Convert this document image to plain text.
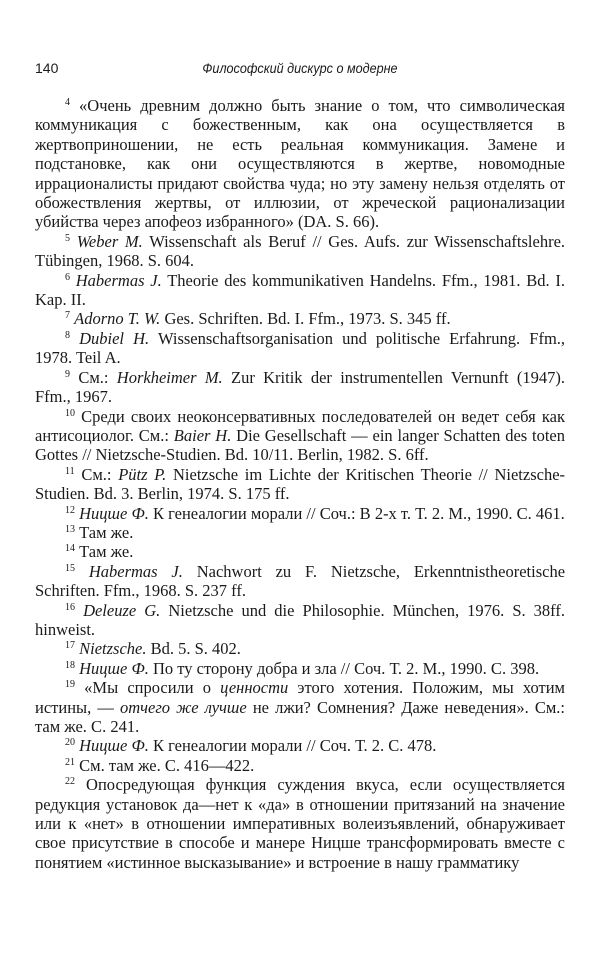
140	Философский дискурс о модерне

$^4$ «Очень древним должно быть знание о том, что символическая коммуникация с божественным, как она осуществляется в жертвоприношении, не есть реальная коммуникация. Замене и подстановке, как они осуществляются в жертве, новомодные иррационалисты придают свойства чуда; но эту замену нельзя отделять от обожествления жертвы, от иллюзии, от жреческой рационализации убийства через апофеоз избранного» (DA. S. 66).

$^5$ Weber M. Wissenschaft als Beruf // Ges. Aufs. zur Wissenschaftslehre. Tübingen, 1968. S. 604.

$^6$ Habermas J. Theorie des kommunikativen Handelns. Ffm., 1981. Bd. I. Kap. II.

$^7$ Adorno T. W. Ges. Schriften. Bd. I. Ffm., 1973. S. 345 ff.

$^8$ Dubiel H. Wissenschaftsorganisation und politische Erfahrung. Ffm., 1978. Teil A.

$^9$ См.: Horkheimer M. Zur Kritik der instrumentellen Vernunft (1947). Ffm., 1967.

$^{10}$ Среди своих неоконсервативных последователей он ведет себя как антисоциолог. См.: Baier H. Die Gesellschaft — ein langer Schatten des toten Gottes // Nietzsche-Studien. Bd. 10/11. Berlin, 1982. S. 6ff.

$^{11}$ См.: Pütz P. Nietzsche im Lichte der Kritischen Theorie // Nietzsche-Studien. Bd. 3. Berlin, 1974. S. 175 ff.

$^{12}$ Ницше Ф. К генеалогии морали // Соч.: В 2-х т. Т. 2. М., 1990. С. 461.

$^{13}$ Там же.

$^{14}$ Там же.

$^{15}$ Habermas J. Nachwort zu F. Nietzsche, Erkenntnistheoretische Schriften. Ffm., 1968. S. 237 ff.

$^{16}$ Deleuze G. Nietzsche und die Philosophie. München, 1976. S. 38ff. hinweist.

$^{17}$ Nietzsche. Bd. 5. S. 402.

$^{18}$ Ницше Ф. По ту сторону добра и зла // Соч. Т. 2. М., 1990. С. 398.

$^{19}$ «Мы спросили о ценности этого хотения. Положим, мы хотим истины, — отчего же лучше не лжи? Сомнения? Даже неведения». См.: там же. С. 241.

$^{20}$ Ницше Ф. К генеалогии морали // Соч. Т. 2. С. 478.

$^{21}$ См. там же. С. 416—422.

$^{22}$ Опосредующая функция суждения вкуса, если осуществляется редукция установок да—нет к «да» в отношении притязаний на значение или к «нет» в отношении императивных волеизъявлений, обнаруживает свое присутствие в способе и манере Ницше трансформировать вместе с понятием «истинное высказывание» и встроение в нашу грамматику
